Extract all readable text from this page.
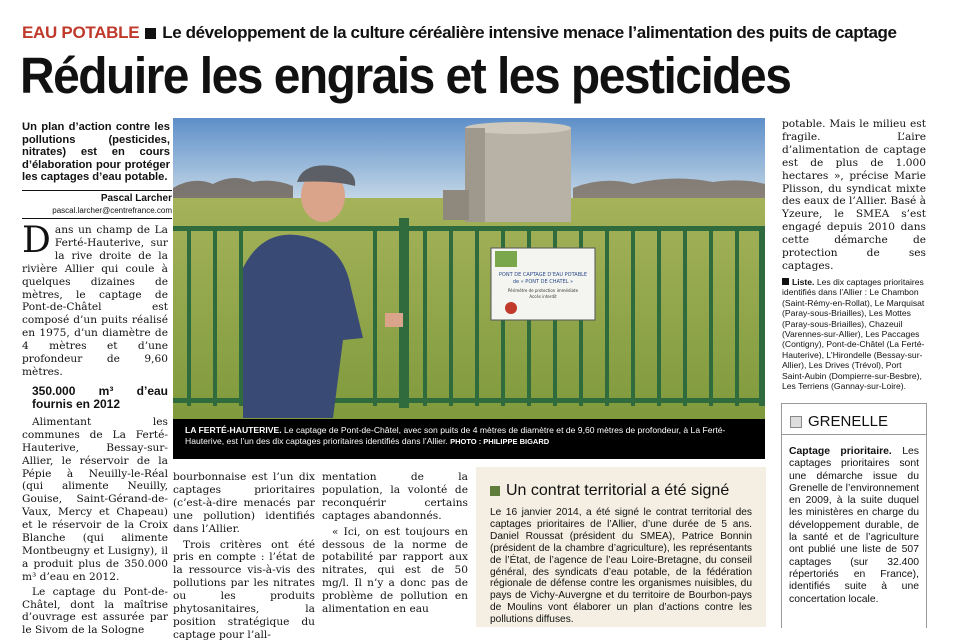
EAU POTABLE Le développement de la culture céréalière intensive menace l’alimentation des puits de captage
Réduire les engrais et les pesticides
Un plan d’action contre les pollutions (pesticides, nitrates) est en cours d’élaboration pour protéger les captages d’eau potable.
Pascal Larcher
pascal.larcher@centrefrance.com

Dans un champ de La Ferté-Hauterive, sur la rive droite de la rivière Allier qui coule à quelques dizaines de mètres, le captage de Pont-de-Châtel est composé d’un puits réalisé en 1975, d’un diamètre de 4 mètres et d’une profondeur de 9,60 mètres.

350.000 m³ d’eau fournis en 2012

Alimentant les communes de La Ferté-Hauterive, Bessay-sur-Allier, le réservoir de la Pépie à Neuilly-le-Réal (qui alimente Neuilly, Gouise, Saint-Gérand-de-Vaux, Mercy et Chapeau) et le réservoir de la Croix Blanche (qui alimente Montbeugny et Lusigny), il a produit plus de 350.000 m³ d’eau en 2012.

Le captage du Pont-de-Châtel, dont la maîtrise d’ouvrage est assurée par le Sivom de la Sologne

PONT DE CAPTAGE D’EAU POTABLE
de « PONT DE CHATEL »
Périmètre de protection immédiate
Accès interdit
LA FERTÉ-HAUTERIVE. Le captage de Pont-de-Châtel, avec son puits de 4 mètres de diamètre et de 9,60 mètres de profondeur, à La Ferté-Hauterive, est l’un des dix captages prioritaires identifiés dans l’Allier. PHOTO : PHILIPPE BIGARD

bourbonnaise est l’un dix captages prioritaires (c’est-à-dire menacés par une pollution) identifiés dans l’Allier.

Trois critères ont été pris en compte : l’état de la ressource vis-à-vis des pollutions par les nitrates ou les produits phytosanitaires, la position stratégique du captage pour l’all-

mentation de la population, la volonté de reconquérir certains captages abandonnés.

« Ici, on est toujours en dessous de la norme de potabilité par rapport aux nitrates, qui est de 50 mg/l. Il n’y a donc pas de problème de pollution en alimentation en eau

Un contrat territorial a été signé
Le 16 janvier 2014, a été signé le contrat territorial des captages prioritaires de l’Allier, d’une durée de 5 ans. Daniel Roussat (président du SMEA), Patrice Bonnin (président de la chambre d’agriculture), les représentants de l’État, de l’agence de l’eau Loire-Bretagne, du conseil général, des syndicats d’eau potable, de la fédération régionale de défense contre les organismes nuisibles, du pays de Vichy-Auvergne et du territoire de Bourbon-pays de Moulins vont élaborer un plan d’actions contre les pollutions diffuses.

potable. Mais le milieu est fragile. L’aire d’alimentation de captage est de plus de 1.000 hectares », précise Marie Plisson, du syndicat mixte des eaux de l’Allier. Basé à Yzeure, le SMEA s’est engagé depuis 2010 dans cette démarche de protection de ses captages.

Liste. Les dix captages prioritaires identifiés dans l’Allier : Le Chambon (Saint-Rémy-en-Rollat), Le Marquisat (Paray-sous-Briailles), Les Mottes (Paray-sous-Briailles), Chazeuil (Varennes-sur-Allier), Les Paccages (Contigny), Pont-de-Châtel (La Ferté-Hauterive), L’Hirondelle (Bessay-sur-Allier), Les Drives (Trévol), Port Saint-Aubin (Dompierre-sur-Besbre), Les Terriens (Gannay-sur-Loire).
GRENELLE
Captage prioritaire. Les captages prioritaires sont une démarche issue du Grenelle de l’environnement en 2009, à la suite duquel les ministères en charge du développement durable, de la santé et de l’agriculture ont publié une liste de 507 captages (sur 32.400 répertoriés en France), identifiés suite à une concertation locale.
